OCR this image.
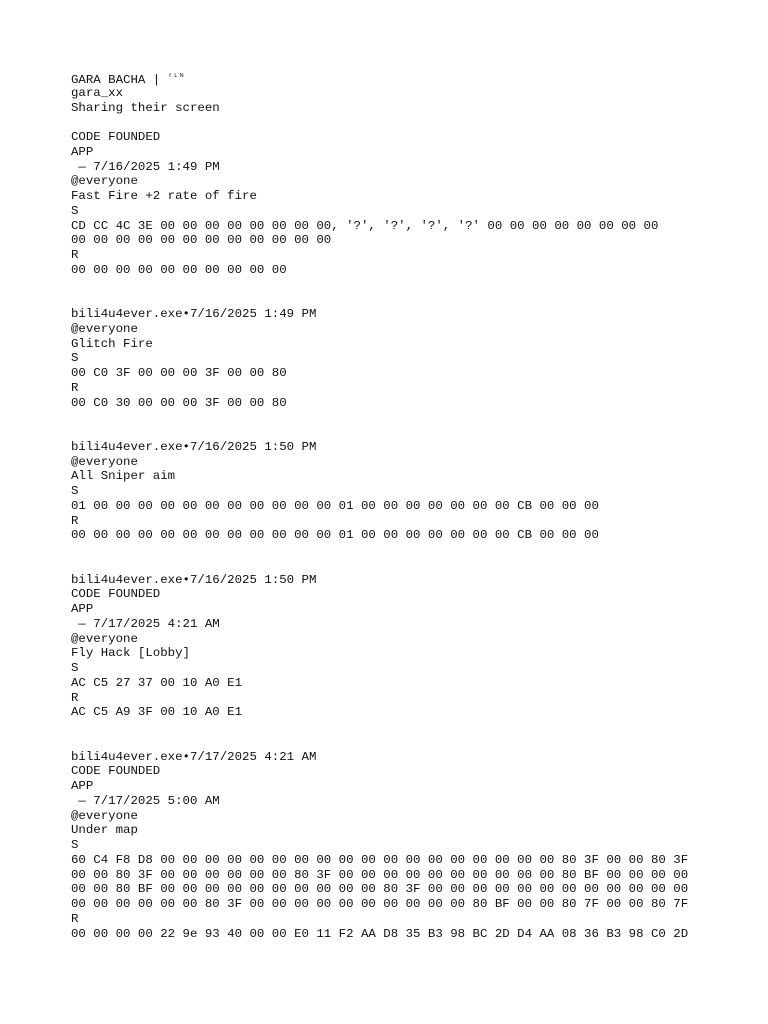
GARA BACHA | $^{ᶠᴸᴺ}$
gara_xx
Sharing their screen
CODE FOUNDED
APP
— 7/16/2025 1:49 PM
@everyone
Fast Fire +2 rate of fire
S
CD CC 4C 3E 00 00 00 00 00 00 00 00, '?', '?', '?', '?' 00 00 00 00 00 00 00 00
00 00 00 00 00 00 00 00 00 00 00 00
R
00 00 00 00 00 00 00 00 00 00
bili4u4ever.exe•7/16/2025 1:49 PM
@everyone
Glitch Fire
S
00 C0 3F 00 00 00 3F 00 00 80
R
00 C0 30 00 00 00 3F 00 00 80
bili4u4ever.exe•7/16/2025 1:50 PM
@everyone
All Sniper aim
S
01 00 00 00 00 00 00 00 00 00 00 00 01 00 00 00 00 00 00 00 CB 00 00 00
R
00 00 00 00 00 00 00 00 00 00 00 00 01 00 00 00 00 00 00 00 CB 00 00 00
bili4u4ever.exe•7/16/2025 1:50 PM
CODE FOUNDED
APP
— 7/17/2025 4:21 AM
@everyone
Fly Hack [Lobby]
S
AC C5 27 37 00 10 A0 E1
R
AC C5 A9 3F 00 10 A0 E1
bili4u4ever.exe•7/17/2025 4:21 AM
CODE FOUNDED
APP
— 7/17/2025 5:00 AM
@everyone
Under map
S
60 C4 F8 D8 00 00 00 00 00 00 00 00 00 00 00 00 00 00 00 00 00 00 80 3F 00 00 80 3F
00 00 80 3F 00 00 00 00 00 00 80 3F 00 00 00 00 00 00 00 00 00 00 80 BF 00 00 00 00
00 00 80 BF 00 00 00 00 00 00 00 00 00 00 80 3F 00 00 00 00 00 00 00 00 00 00 00 00
00 00 00 00 00 00 80 3F 00 00 00 00 00 00 00 00 00 00 80 BF 00 00 80 7F 00 00 80 7F
R
00 00 00 00 22 9e 93 40 00 00 E0 11 F2 AA D8 35 B3 98 BC 2D D4 AA 08 36 B3 98 C0 2D
